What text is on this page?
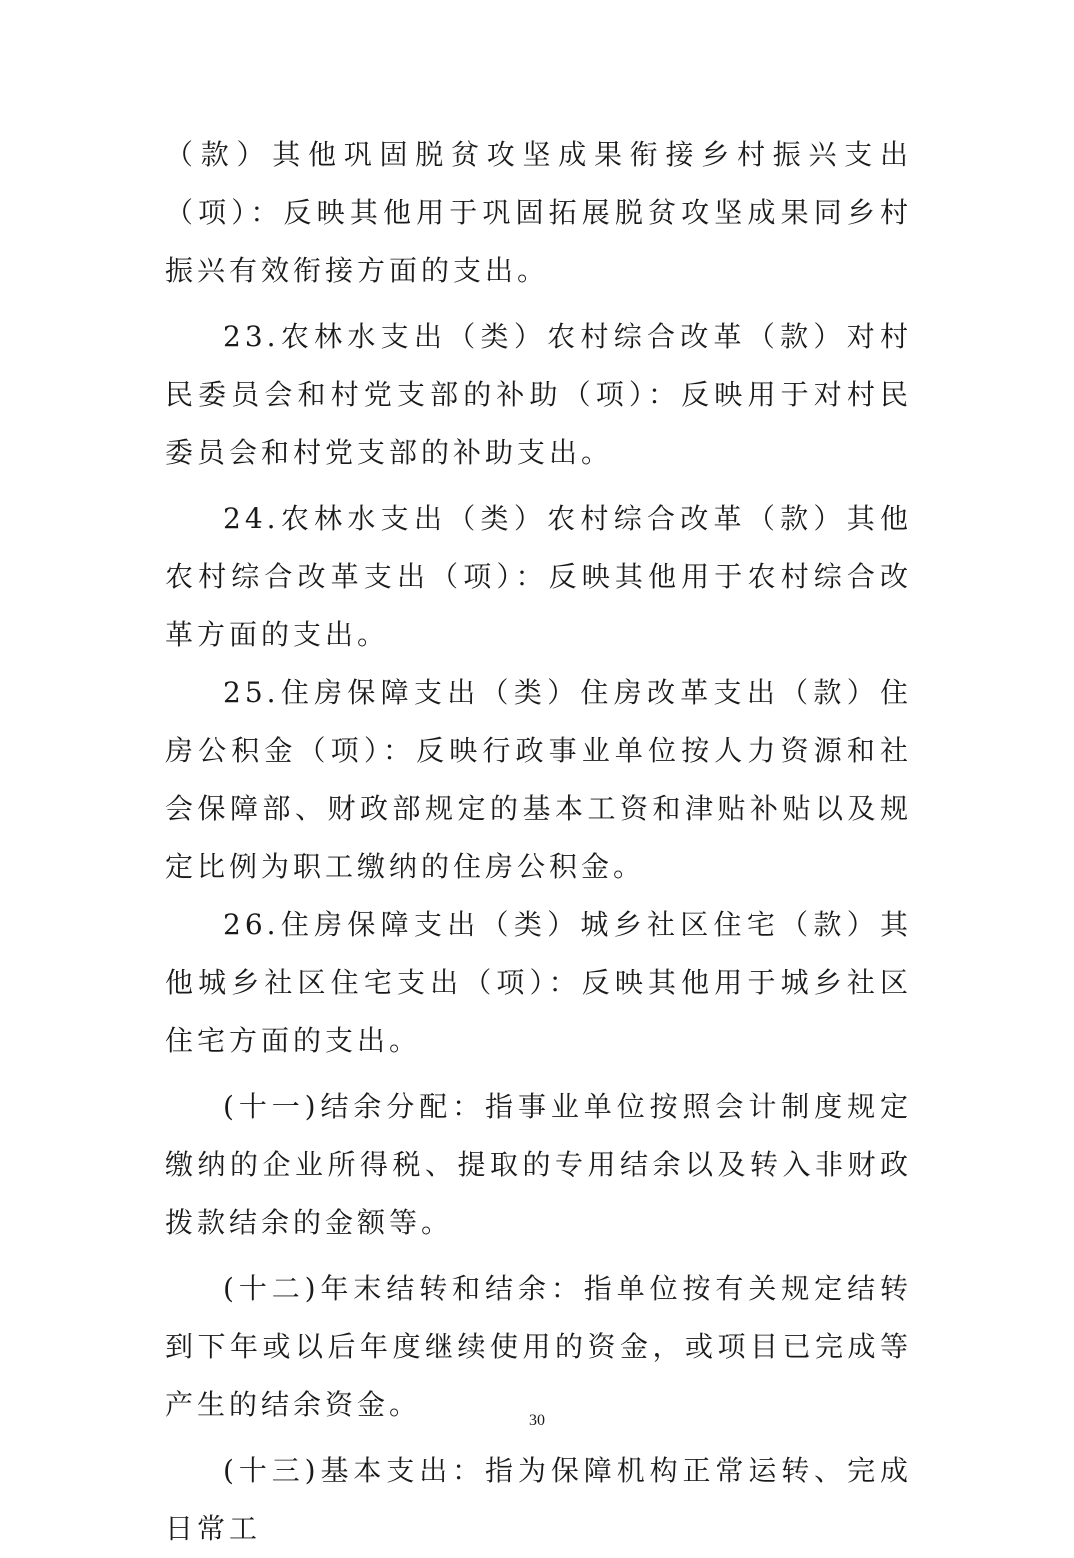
（款）其他巩固脱贫攻坚成果衔接乡村振兴支出（项）：反映其他用于巩固拓展脱贫攻坚成果同乡村振兴有效衔接方面的支出。

23.农林水支出（类）农村综合改革（款）对村民委员会和村党支部的补助（项）：反映用于对村民委员会和村党支部的补助支出。

24.农林水支出（类）农村综合改革（款）其他农村综合改革支出（项）：反映其他用于农村综合改革方面的支出。

25.住房保障支出（类）住房改革支出（款）住房公积金（项）：反映行政事业单位按人力资源和社会保障部、财政部规定的基本工资和津贴补贴以及规定比例为职工缴纳的住房公积金。

26.住房保障支出（类）城乡社区住宅（款）其他城乡社区住宅支出（项）：反映其他用于城乡社区住宅方面的支出。

(十一)结余分配：指事业单位按照会计制度规定缴纳的企业所得税、提取的专用结余以及转入非财政拨款结余的金额等。

(十二)年末结转和结余：指单位按有关规定结转到下年或以后年度继续使用的资金，或项目已完成等产生的结余资金。

(十三)基本支出：指为保障机构正常运转、完成日常工

30
